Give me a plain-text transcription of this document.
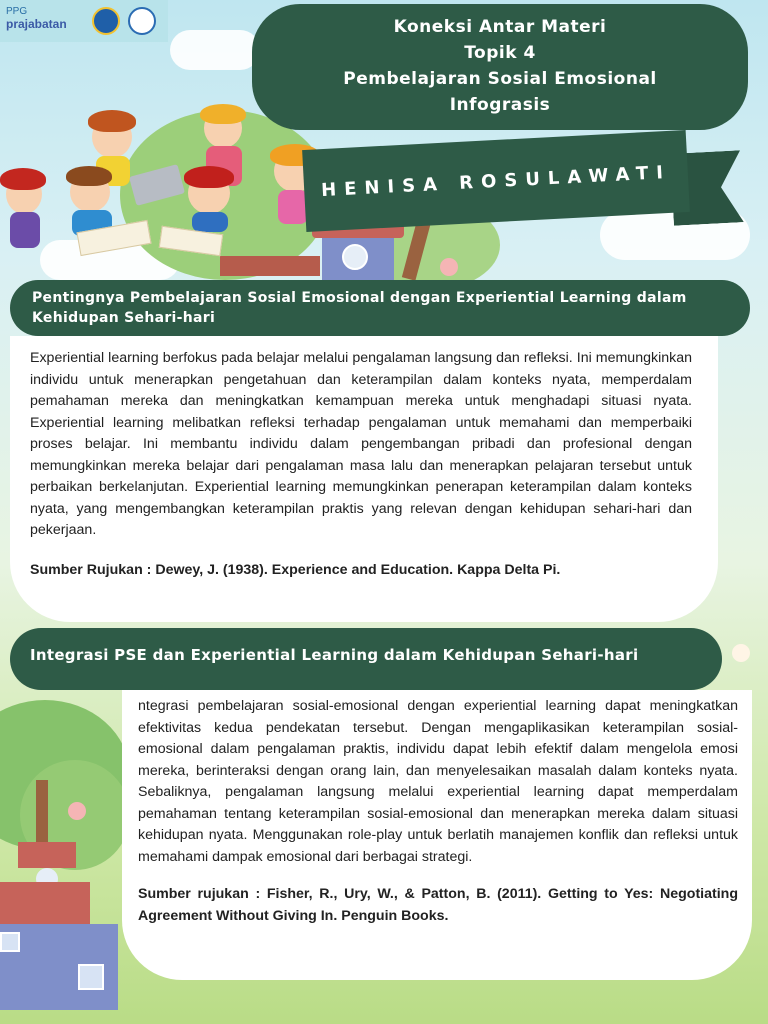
PPG
prajabatan	Koneksi Antar Materi
Topik 4
Pembelajaran Sosial Emosional
Infograsis
HENISA ROSULAWATI
Pentingnya Pembelajaran Sosial Emosional dengan Experiential Learning dalam Kehidupan Sehari-hari

Experiential learning berfokus pada belajar melalui pengalaman langsung dan refleksi. Ini memungkinkan individu untuk menerapkan pengetahuan dan keterampilan dalam konteks nyata, memperdalam pemahaman mereka dan meningkatkan kemampuan mereka untuk menghadapi situasi nyata. Experiential learning melibatkan refleksi terhadap pengalaman untuk memahami dan memperbaiki proses belajar. Ini membantu individu dalam pengembangan pribadi dan profesional dengan memungkinkan mereka belajar dari pengalaman masa lalu dan menerapkan pelajaran tersebut untuk perbaikan berkelanjutan. Experiential learning memungkinkan penerapan keterampilan dalam konteks nyata, yang mengembangkan keterampilan praktis yang relevan dengan kehidupan sehari-hari dan pekerjaan.

Sumber Rujukan : Dewey, J. (1938). Experience and Education. Kappa Delta Pi.

Integrasi PSE dan Experiential Learning dalam Kehidupan Sehari-hari

ntegrasi pembelajaran sosial-emosional dengan experiential learning dapat meningkatkan efektivitas kedua pendekatan tersebut. Dengan mengaplikasikan keterampilan sosial-emosional dalam pengalaman praktis, individu dapat lebih efektif dalam mengelola emosi mereka, berinteraksi dengan orang lain, dan menyelesaikan masalah dalam konteks nyata. Sebaliknya, pengalaman langsung melalui experiential learning dapat memperdalam pemahaman tentang keterampilan sosial-emosional dan menerapkan mereka dalam situasi kehidupan nyata. Menggunakan role-play untuk berlatih manajemen konflik dan refleksi untuk memahami dampak emosional dari berbagai strategi.

Sumber rujukan : Fisher, R., Ury, W., & Patton, B. (2011). Getting to Yes: Negotiating Agreement Without Giving In. Penguin Books.
